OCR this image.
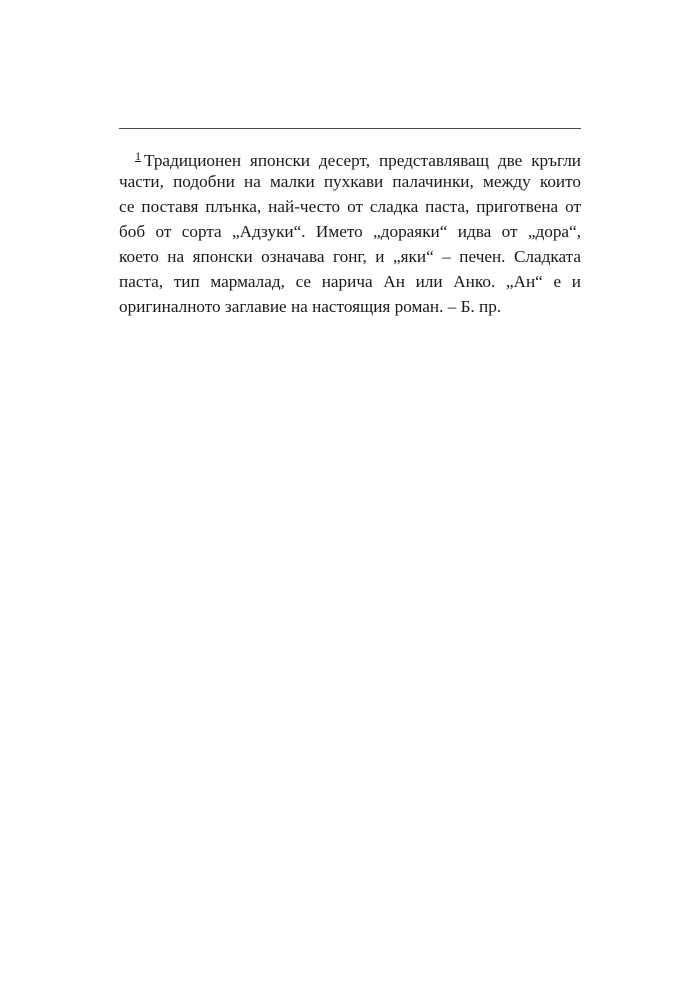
$^1$ Традиционен японски десерт, представляващ две кръгли
части, подобни на малки пухкави палачинки, между които
се поставя плънка, най-често от сладка паста, приготвена от
боб от сорта „Адзуки“. Името „дораяки“ идва от „дора“,
което на японски означава гонг, и „яки“ – печен. Сладката
паста, тип мармалад, се нарича Ан или Анко. „Ан“ е и
оригиналното заглавие на настоящия роман. – Б. пр.
